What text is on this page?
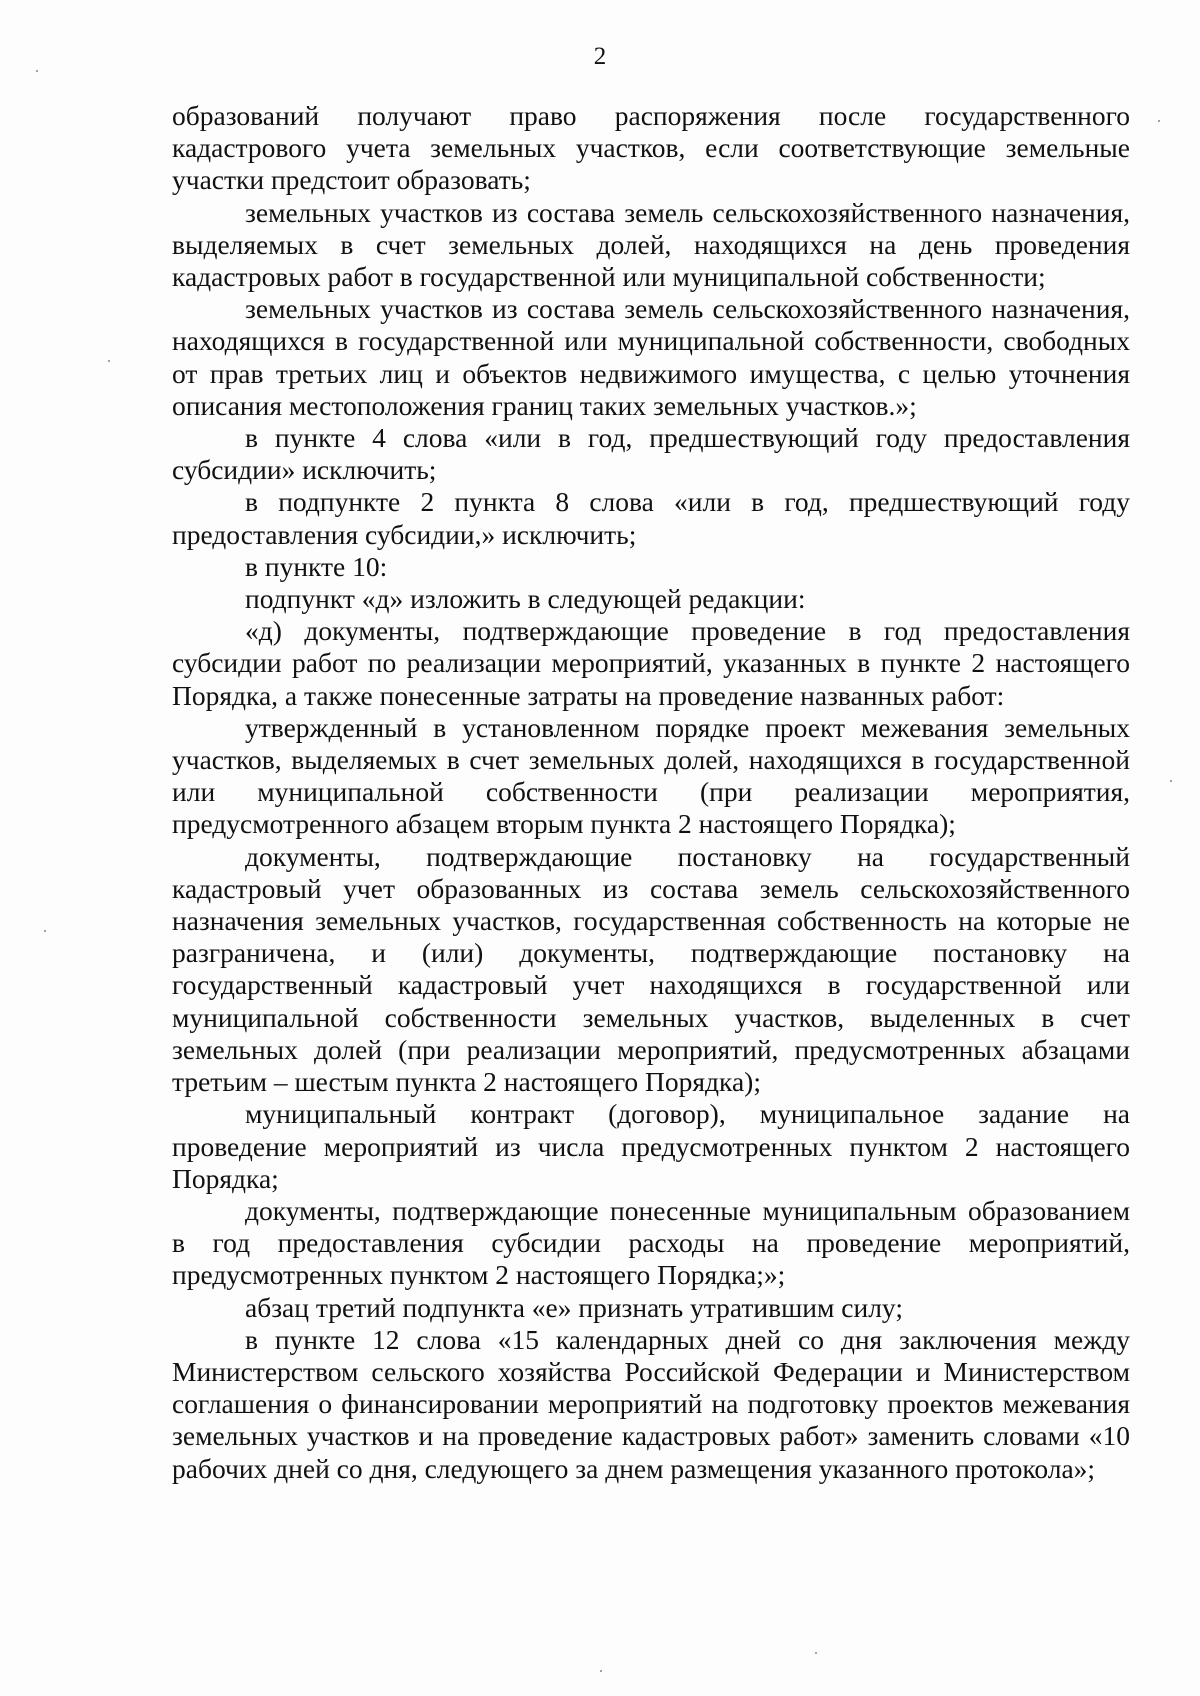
2

образований получают право распоряжения после государственного кадастрового учета земельных участков, если соответствующие земельные участки предстоит образовать;

земельных участков из состава земель сельскохозяйственного назначения, выделяемых в счет земельных долей, находящихся на день проведения кадастровых работ в государственной или муниципальной собственности;

земельных участков из состава земель сельскохозяйственного назначения, находящихся в государственной или муниципальной собственности, свободных от прав третьих лиц и объектов недвижимого имущества, с целью уточнения описания местоположения границ таких земельных участков.»;

в пункте 4 слова «или в год, предшествующий году предоставления субсидии» исключить;

в подпункте 2 пункта 8 слова «или в год, предшествующий году предоставления субсидии,» исключить;

в пункте 10:

подпункт «д» изложить в следующей редакции:

«д) документы, подтверждающие проведение в год предоставления субсидии работ по реализации мероприятий, указанных в пункте 2 настоящего Порядка, а также понесенные затраты на проведение названных работ:

утвержденный в установленном порядке проект межевания земельных участков, выделяемых в счет земельных долей, находящихся в государственной или муниципальной собственности (при реализации мероприятия, предусмотренного абзацем вторым пункта 2 настоящего Порядка);

документы, подтверждающие постановку на государственный кадастровый учет образованных из состава земель сельскохозяйственного назначения земельных участков, государственная собственность на которые не разграничена, и (или) документы, подтверждающие постановку на государственный кадастровый учет находящихся в государственной или муниципальной собственности земельных участков, выделенных в счет земельных долей (при реализации мероприятий, предусмотренных абзацами третьим – шестым пункта 2 настоящего Порядка);

муниципальный контракт (договор), муниципальное задание на проведение мероприятий из числа предусмотренных пунктом 2 настоящего Порядка;

документы, подтверждающие понесенные муниципальным образованием в год предоставления субсидии расходы на проведение мероприятий, предусмотренных пунктом 2 настоящего Порядка;»;

абзац третий подпункта «е» признать утратившим силу;

в пункте 12 слова «15 календарных дней со дня заключения между Министерством сельского хозяйства Российской Федерации и Министерством соглашения о финансировании мероприятий на подготовку проектов межевания земельных участков и на проведение кадастровых работ» заменить словами «10 рабочих дней со дня, следующего за днем размещения указанного протокола»;
